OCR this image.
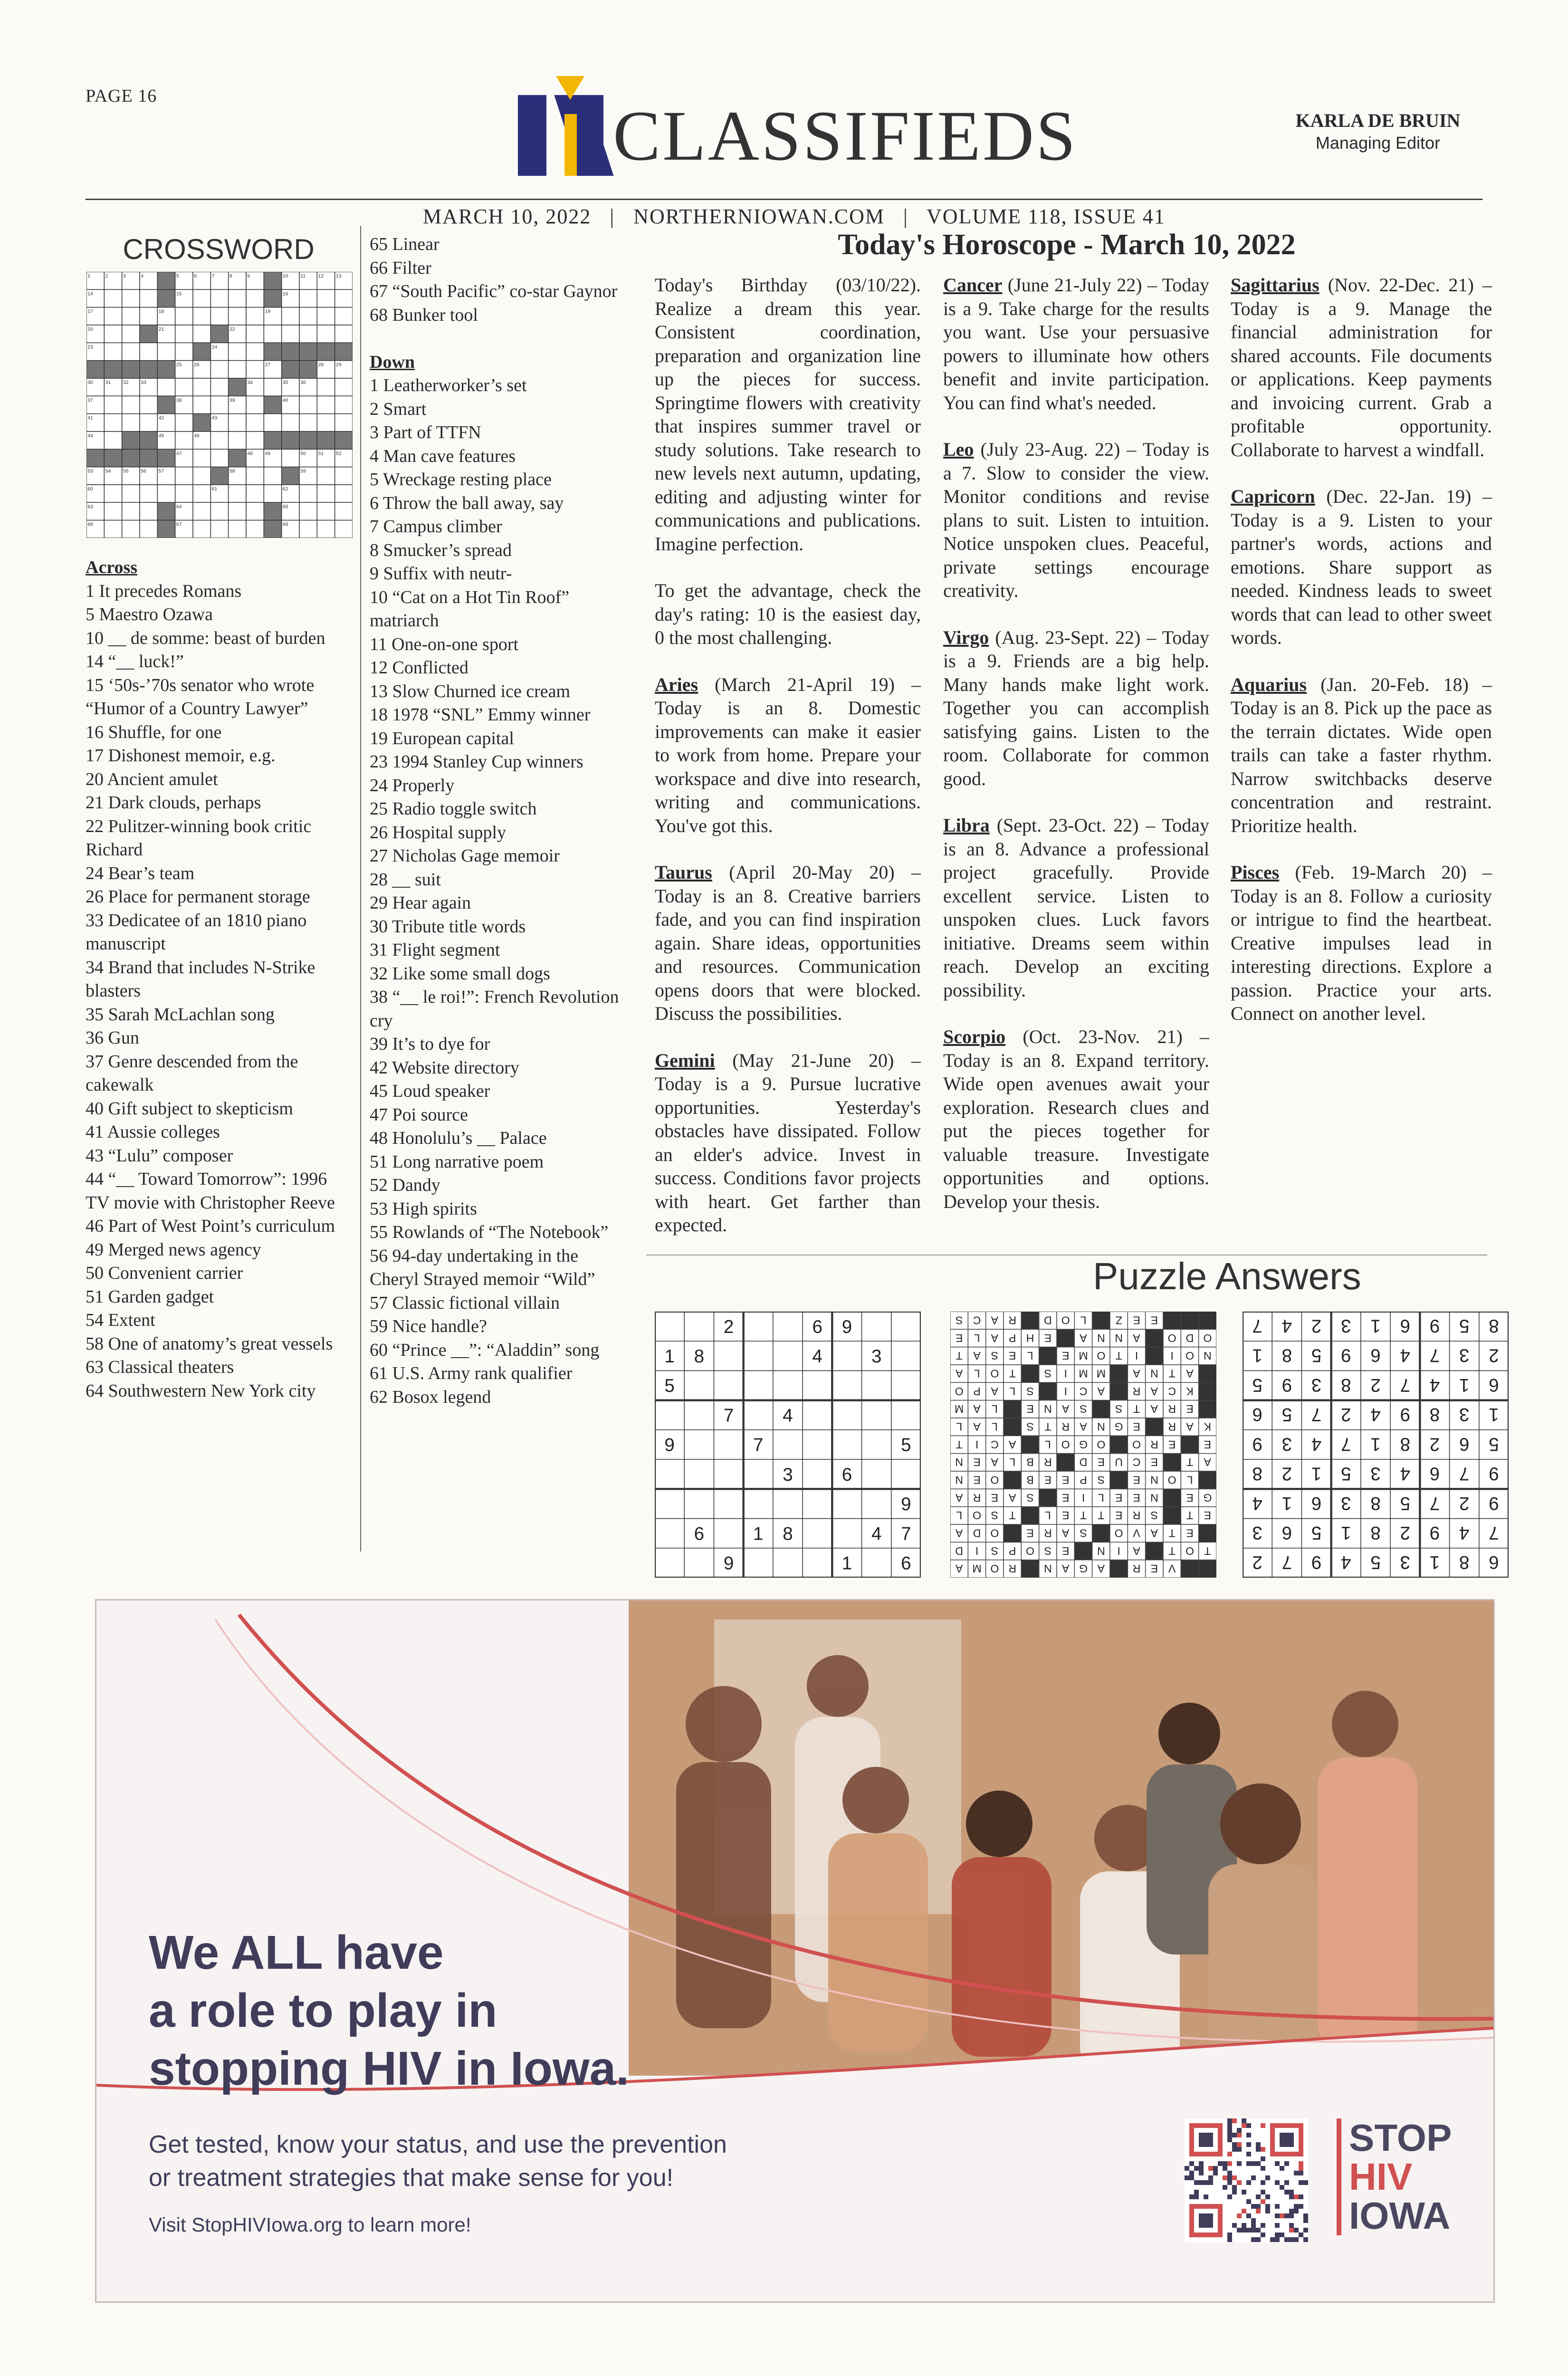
PAGE 16
CLASSIFIEDS	KARLA DE BRUIN
Managing Editor
MARCH 10, 2022   |   NORTHERNIOWAN.COM   |   VOLUME 118, ISSUE 41
CROSSWORD

Across

1 It precedes Romans

5 Maestro Ozawa

10 __ de somme: beast of burden

14 “__ luck!”

15 ‘50s-’70s senator who wrote “Humor of a Country Lawyer”

16 Shuffle, for one

17 Dishonest memoir, e.g.

20 Ancient amulet

21 Dark clouds, perhaps

22 Pulitzer-winning book critic Richard

24 Bear’s team

26 Place for permanent storage

33 Dedicatee of an 1810 piano manuscript

34 Brand that includes N-Strike blasters

35 Sarah McLachlan song

36 Gun

37 Genre descended from the cakewalk

40 Gift subject to skepticism

41 Aussie colleges

43 “Lulu” composer

44 “__ Toward Tomorrow”: 1996 TV movie with Christopher Reeve

46 Part of West Point’s curriculum

49 Merged news agency

50 Convenient carrier

51 Garden gadget

54 Extent

58 One of anatomy’s great vessels

63 Classical theaters

64 Southwestern New York city

65 Linear

66 Filter

67 “South Pacific” co-star Gaynor

68 Bunker tool

Down

1 Leatherworker’s set

2 Smart

3 Part of TTFN

4 Man cave features

5 Wreckage resting place

6 Throw the ball away, say

7 Campus climber

8 Smucker’s spread

9 Suffix with neutr-

10 “Cat on a Hot Tin Roof” matriarch

11 One-on-one sport

12 Conflicted

13 Slow Churned ice cream

18 1978 “SNL” Emmy winner

19 European capital

23 1994 Stanley Cup winners

24 Properly

25 Radio toggle switch

26 Hospital supply

27 Nicholas Gage memoir

28 __ suit

29 Hear again

30 Tribute title words

31 Flight segment

32 Like some small dogs

38 “__ le roi!”: French Revolution cry

39 It’s to dye for

42 Website directory

45 Loud speaker

47 Poi source

48 Honolulu’s __ Palace

51 Long narrative poem

52 Dandy

53 High spirits

55 Rowlands of “The Notebook”

56 94-day undertaking in the Cheryl Strayed memoir “Wild”

57 Classic fictional villain

59 Nice handle?

60 “Prince __”: “Aladdin” song

61 U.S. Army rank qualifier

62 Bosox legend

Today's Horoscope - March 10, 2022

Today's Birthday (03/10/22). Realize a dream this year. Consistent coordination, preparation and organization line up the pieces for success. Springtime flowers with creativity that inspires summer travel or study solutions. Take research to new levels next autumn, updating, editing and adjusting winter for communications and publications. Imagine perfection.

To get the advantage, check the day's rating: 10 is the easiest day, 0 the most challenging.

Aries (March 21-April 19) – Today is an 8. Domestic improvements can make it easier to work from home. Prepare your workspace and dive into research, writing and communications. You've got this.

Taurus (April 20-May 20) – Today is an 8. Creative barriers fade, and you can find inspiration again. Share ideas, opportunities and resources. Communication opens doors that were blocked. Discuss the possibilities.

Gemini (May 21-June 20) – Today is a 9. Pursue lucrative opportunities. Yesterday's obstacles have dissipated. Follow an elder's advice. Invest in success. Conditions favor projects with heart. Get farther than expected.

Cancer (June 21-July 22) – Today is a 9. Take charge for the results you want. Use your persuasive powers to illuminate how others benefit and invite participation. You can find what's needed.

Leo (July 23-Aug. 22) – Today is a 7. Slow to consider the view. Monitor conditions and revise plans to suit. Listen to intuition. Notice unspoken clues. Peaceful, private settings encourage creativity.

Virgo (Aug. 23-Sept. 22) – Today is a 9. Friends are a big help. Many hands make light work. Together you can accomplish satisfying gains. Listen to the room. Collaborate for common good.

Libra (Sept. 23-Oct. 22) – Today is an 8. Advance a professional project gracefully. Provide excellent service. Listen to unspoken clues. Luck favors initiative. Dreams seem within reach. Develop an exciting possibility.

Scorpio (Oct. 23-Nov. 21) – Today is an 8. Expand territory. Wide open avenues await your exploration. Research clues and put the pieces together for valuable treasure. Investigate opportunities and options. Develop your thesis.

Sagittarius (Nov. 22-Dec. 21) – Today is a 9. Manage the financial administration for shared accounts. File documents or applications. Keep payments and invoicing current. Grab a profitable opportunity. Collaborate to harvest a windfall.

Capricorn (Dec. 22-Jan. 19) –Today is a 9. Listen to your partner's words, actions and emotions. Share support as needed. Kindness leads to sweet words that can lead to other sweet words.

Aquarius (Jan. 20-Feb. 18) – Today is an 8. Pick up the pace as the terrain dictates. Wide open trails can take a faster rhythm. Narrow switchbacks deserve concentration and restraint. Prioritize health.

Pisces (Feb. 19-March 20) – Today is an 8. Follow a curiosity or intrigue to find the heartbeat. Creative impulses lead in interesting directions. Explore a passion. Practice your arts. Connect on another level.

Puzzle Answers
We ALL have
a role to play in
stopping HIV in Iowa.
Get tested, know your status, and use the prevention
or treatment strategies that make sense for you!
Visit StopHIVIowa.org to learn more!
STOP
HIV
IOWA
